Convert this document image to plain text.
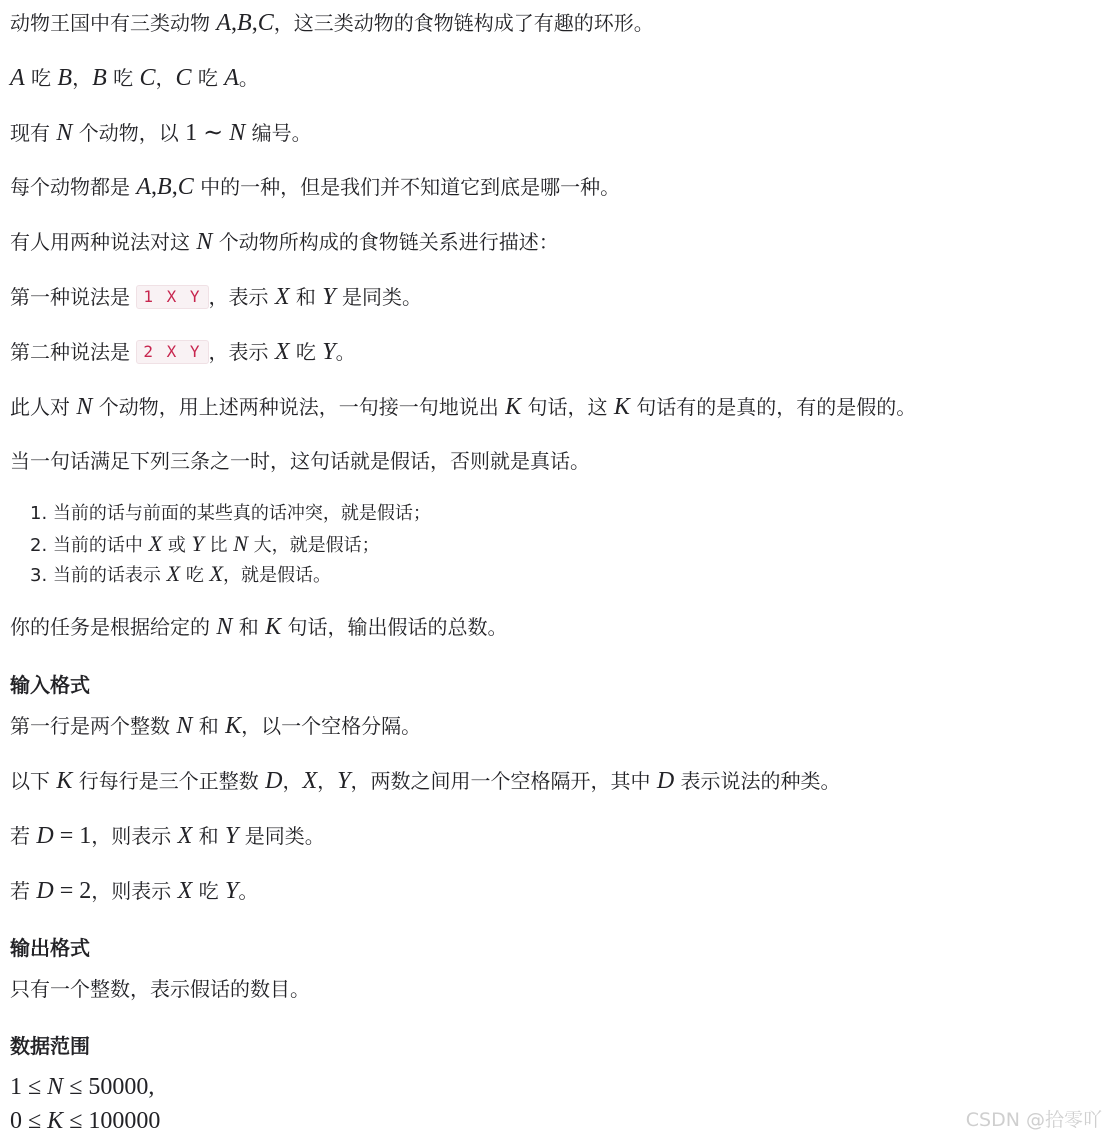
动物王国中有三类动物 A,B,C，这三类动物的食物链构成了有趣的环形。
A 吃 B，B 吃 C，C 吃 A。
现有 N 个动物，以 1 ∼ N 编号。
每个动物都是 A,B,C 中的一种，但是我们并不知道它到底是哪一种。
有人用两种说法对这 N 个动物所构成的食物链关系进行描述：
第一种说法是 1 X Y ，表示 X 和 Y 是同类。
第二种说法是 2 X Y ，表示 X 吃 Y。
此人对 N 个动物，用上述两种说法，一句接一句地说出 K 句话，这 K 句话有的是真的，有的是假的。
当一句话满足下列三条之一时，这句话就是假话，否则就是真话。
1. 当前的话与前面的某些真的话冲突，就是假话；
2. 当前的话中 X 或 Y 比 N 大，就是假话；
3. 当前的话表示 X 吃 X，就是假话。
你的任务是根据给定的 N 和 K 句话，输出假话的总数。
输入格式
第一行是两个整数 N 和 K，以一个空格分隔。
以下 K 行每行是三个正整数 D，X，Y，两数之间用一个空格隔开，其中 D 表示说法的种类。
若 D = 1，则表示 X 和 Y 是同类。
若 D = 2，则表示 X 吃 Y。
输出格式
只有一个整数，表示假话的数目。
数据范围
1 ≤ N ≤ 50000,
0 ≤ K ≤ 100000	CSDN @拾零吖
